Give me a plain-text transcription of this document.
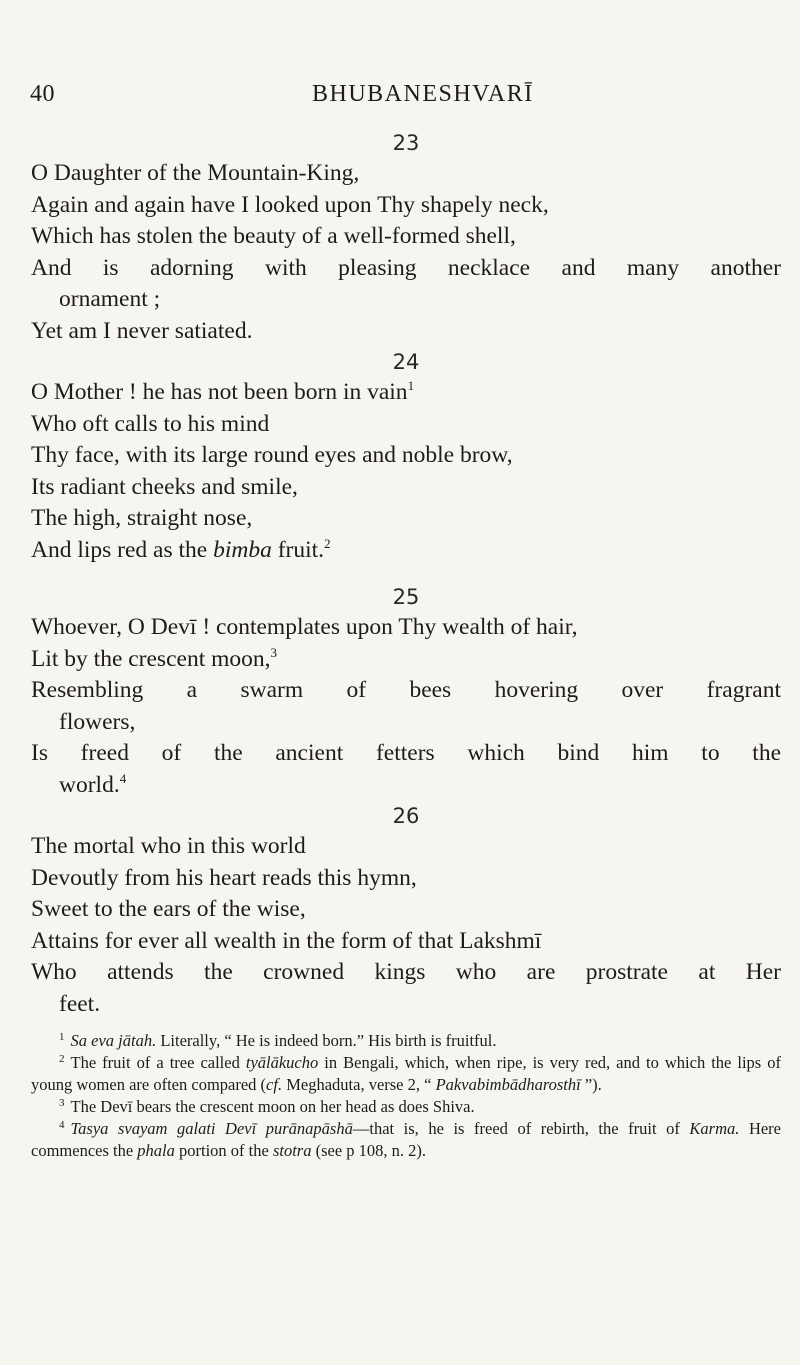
40	BHUBANESHVARĪ
23
O Daughter of the Mountain-King,
Again and again have I looked upon Thy shapely neck,
Which has stolen the beauty of a well-formed shell,
And is adorning with pleasing necklace and many another
ornament ;
Yet am I never satiated.
24
O Mother ! he has not been born in vain$^1$
Who oft calls to his mind
Thy face, with its large round eyes and noble brow,
Its radiant cheeks and smile,
The high, straight nose,
And lips red as the bimba fruit.$^2$
25
Whoever, O Devī ! contemplates upon Thy wealth of hair,
Lit by the crescent moon,$^3$
Resembling a swarm of bees hovering over fragrant
flowers,
Is freed of the ancient fetters which bind him to the
world.$^4$
26
The mortal who in this world
Devoutly from his heart reads this hymn,
Sweet to the ears of the wise,
Attains for ever all wealth in the form of that Lakshmī
Who attends the crowned kings who are prostrate at Her
feet.
$^1$ Sa eva jātah. Literally, “ He is indeed born.” His birth is fruitful.
$^2$ The fruit of a tree called tyālākucho in Bengali, which, when ripe, is very red, and to which the lips of young women are often compared (cf. Meghaduta, verse 2, “ Pakvabimbādharosthī ”).
$^3$ The Devī bears the crescent moon on her head as does Shiva.
$^4$ Tasya svayam galati Devī purānapāshā—that is, he is freed of rebirth, the fruit of Karma. Here commences the phala portion of the stotra (see p 108, n. 2).
